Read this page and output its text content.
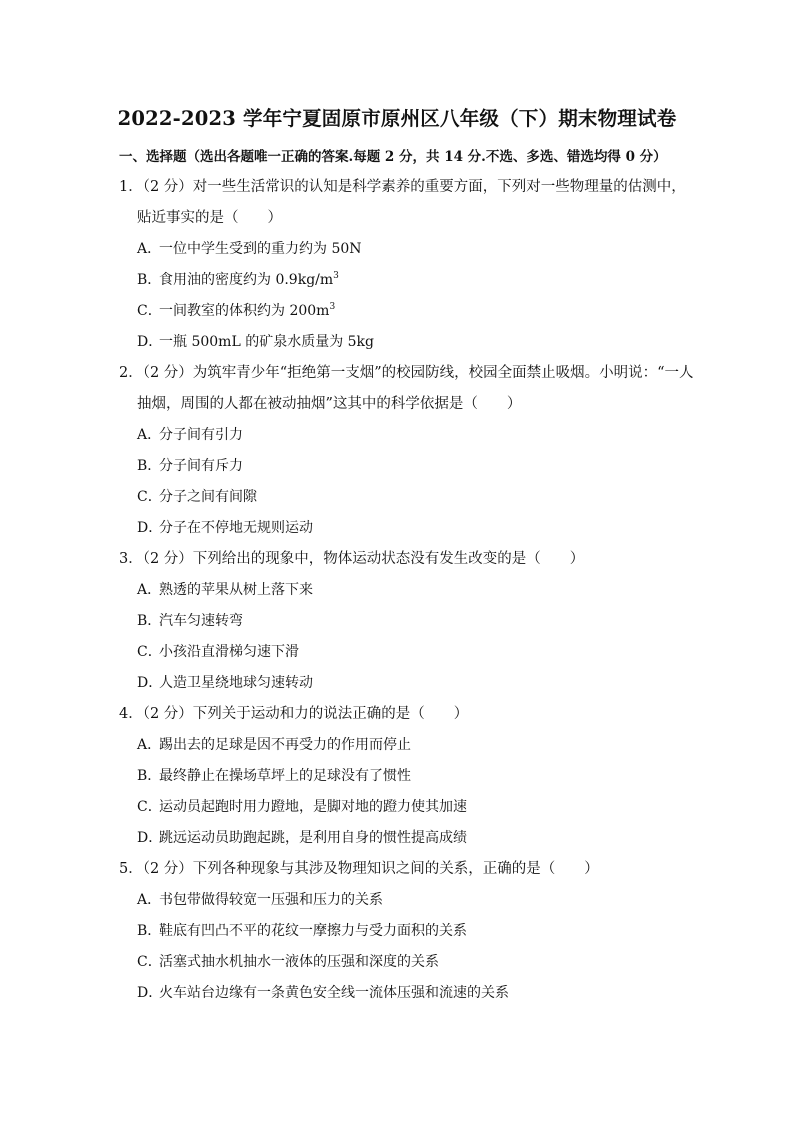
2022-2023 学年宁夏固原市原州区八年级（下）期末物理试卷
一、选择题（选出各题唯一正确的答案.每题 2 分，共 14 分.不选、多选、错选均得 0 分）
1．（2 分）对一些生活常识的认知是科学素养的重要方面，下列对一些物理量的估测中，贴近事实的是（　　）
A．一位中学生受到的重力约为 50N
B．食用油的密度约为 $0.9kg/m^3$
C．一间教室的体积约为 $200m^3$
D．一瓶 500mL 的矿泉水质量为 5kg
2．（2 分）为筑牢青少年“拒绝第一支烟”的校园防线，校园全面禁止吸烟。小明说：“一人抽烟，周围的人都在被动抽烟”这其中的科学依据是（　　）
A．分子间有引力
B．分子间有斥力
C．分子之间有间隙
D．分子在不停地无规则运动
3．（2 分）下列给出的现象中，物体运动状态没有发生改变的是（　　）
A．熟透的苹果从树上落下来
B．汽车匀速转弯
C．小孩沿直滑梯匀速下滑
D．人造卫星绕地球匀速转动
4．（2 分）下列关于运动和力的说法正确的是（　　）
A．踢出去的足球是因不再受力的作用而停止
B．最终静止在操场草坪上的足球没有了惯性
C．运动员起跑时用力蹬地，是脚对地的蹬力使其加速
D．跳远运动员助跑起跳，是利用自身的惯性提高成绩
5．（2 分）下列各种现象与其涉及物理知识之间的关系，正确的是（　　）
A．书包带做得较宽一压强和压力的关系
B．鞋底有凹凸不平的花纹一摩擦力与受力面积的关系
C．活塞式抽水机抽水一液体的压强和深度的关系
D．火车站台边缘有一条黄色安全线一流体压强和流速的关系
